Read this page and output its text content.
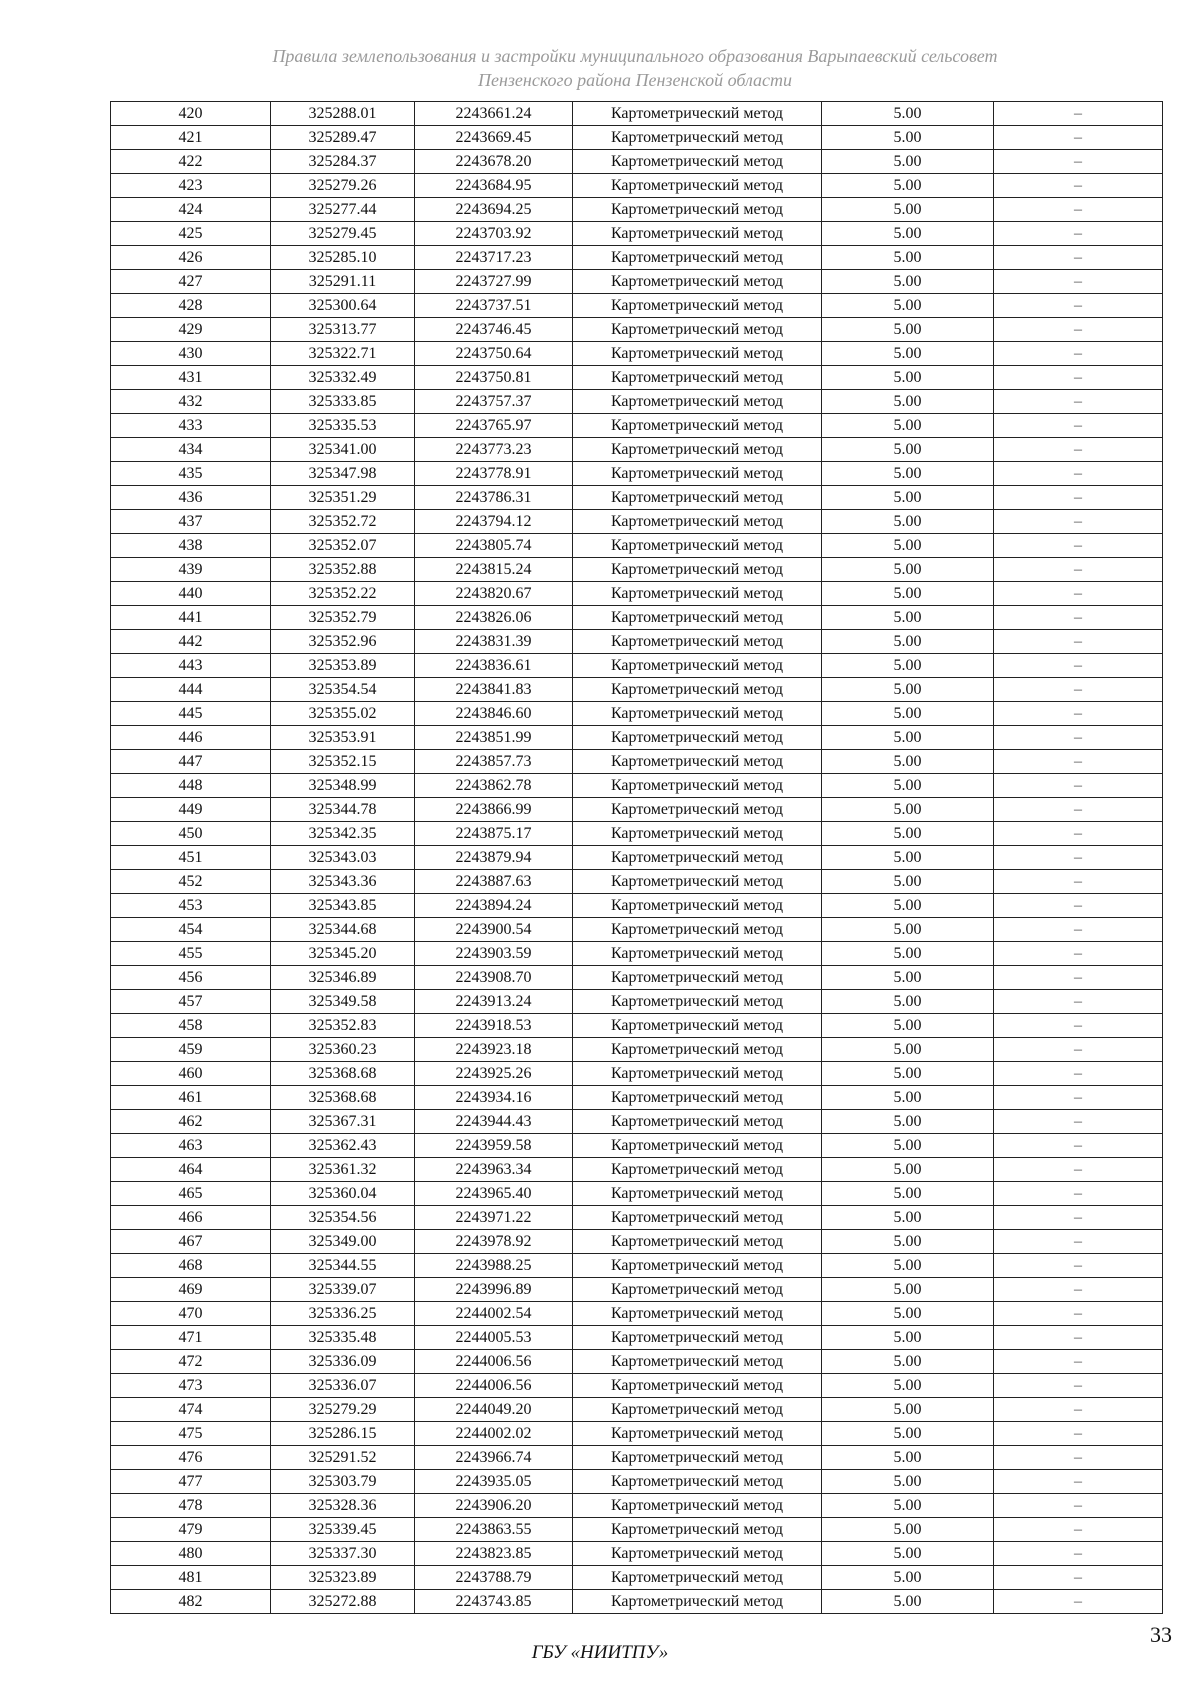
Правила землепользования и застройки муниципального образования Варыпаевский сельсовет
Пензенского района Пензенской области
420	325288.01	2243661.24	Картометрический метод	5.00	–
421	325289.47	2243669.45	Картометрический метод	5.00	–
422	325284.37	2243678.20	Картометрический метод	5.00	–
423	325279.26	2243684.95	Картометрический метод	5.00	–
424	325277.44	2243694.25	Картометрический метод	5.00	–
425	325279.45	2243703.92	Картометрический метод	5.00	–
426	325285.10	2243717.23	Картометрический метод	5.00	–
427	325291.11	2243727.99	Картометрический метод	5.00	–
428	325300.64	2243737.51	Картометрический метод	5.00	–
429	325313.77	2243746.45	Картометрический метод	5.00	–
430	325322.71	2243750.64	Картометрический метод	5.00	–
431	325332.49	2243750.81	Картометрический метод	5.00	–
432	325333.85	2243757.37	Картометрический метод	5.00	–
433	325335.53	2243765.97	Картометрический метод	5.00	–
434	325341.00	2243773.23	Картометрический метод	5.00	–
435	325347.98	2243778.91	Картометрический метод	5.00	–
436	325351.29	2243786.31	Картометрический метод	5.00	–
437	325352.72	2243794.12	Картометрический метод	5.00	–
438	325352.07	2243805.74	Картометрический метод	5.00	–
439	325352.88	2243815.24	Картометрический метод	5.00	–
440	325352.22	2243820.67	Картометрический метод	5.00	–
441	325352.79	2243826.06	Картометрический метод	5.00	–
442	325352.96	2243831.39	Картометрический метод	5.00	–
443	325353.89	2243836.61	Картометрический метод	5.00	–
444	325354.54	2243841.83	Картометрический метод	5.00	–
445	325355.02	2243846.60	Картометрический метод	5.00	–
446	325353.91	2243851.99	Картометрический метод	5.00	–
447	325352.15	2243857.73	Картометрический метод	5.00	–
448	325348.99	2243862.78	Картометрический метод	5.00	–
449	325344.78	2243866.99	Картометрический метод	5.00	–
450	325342.35	2243875.17	Картометрический метод	5.00	–
451	325343.03	2243879.94	Картометрический метод	5.00	–
452	325343.36	2243887.63	Картометрический метод	5.00	–
453	325343.85	2243894.24	Картометрический метод	5.00	–
454	325344.68	2243900.54	Картометрический метод	5.00	–
455	325345.20	2243903.59	Картометрический метод	5.00	–
456	325346.89	2243908.70	Картометрический метод	5.00	–
457	325349.58	2243913.24	Картометрический метод	5.00	–
458	325352.83	2243918.53	Картометрический метод	5.00	–
459	325360.23	2243923.18	Картометрический метод	5.00	–
460	325368.68	2243925.26	Картометрический метод	5.00	–
461	325368.68	2243934.16	Картометрический метод	5.00	–
462	325367.31	2243944.43	Картометрический метод	5.00	–
463	325362.43	2243959.58	Картометрический метод	5.00	–
464	325361.32	2243963.34	Картометрический метод	5.00	–
465	325360.04	2243965.40	Картометрический метод	5.00	–
466	325354.56	2243971.22	Картометрический метод	5.00	–
467	325349.00	2243978.92	Картометрический метод	5.00	–
468	325344.55	2243988.25	Картометрический метод	5.00	–
469	325339.07	2243996.89	Картометрический метод	5.00	–
470	325336.25	2244002.54	Картометрический метод	5.00	–
471	325335.48	2244005.53	Картометрический метод	5.00	–
472	325336.09	2244006.56	Картометрический метод	5.00	–
473	325336.07	2244006.56	Картометрический метод	5.00	–
474	325279.29	2244049.20	Картометрический метод	5.00	–
475	325286.15	2244002.02	Картометрический метод	5.00	–
476	325291.52	2243966.74	Картометрический метод	5.00	–
477	325303.79	2243935.05	Картометрический метод	5.00	–
478	325328.36	2243906.20	Картометрический метод	5.00	–
479	325339.45	2243863.55	Картометрический метод	5.00	–
480	325337.30	2243823.85	Картометрический метод	5.00	–
481	325323.89	2243788.79	Картометрический метод	5.00	–
482	325272.88	2243743.85	Картометрический метод	5.00	–
33
ГБУ «НИИТПУ»
